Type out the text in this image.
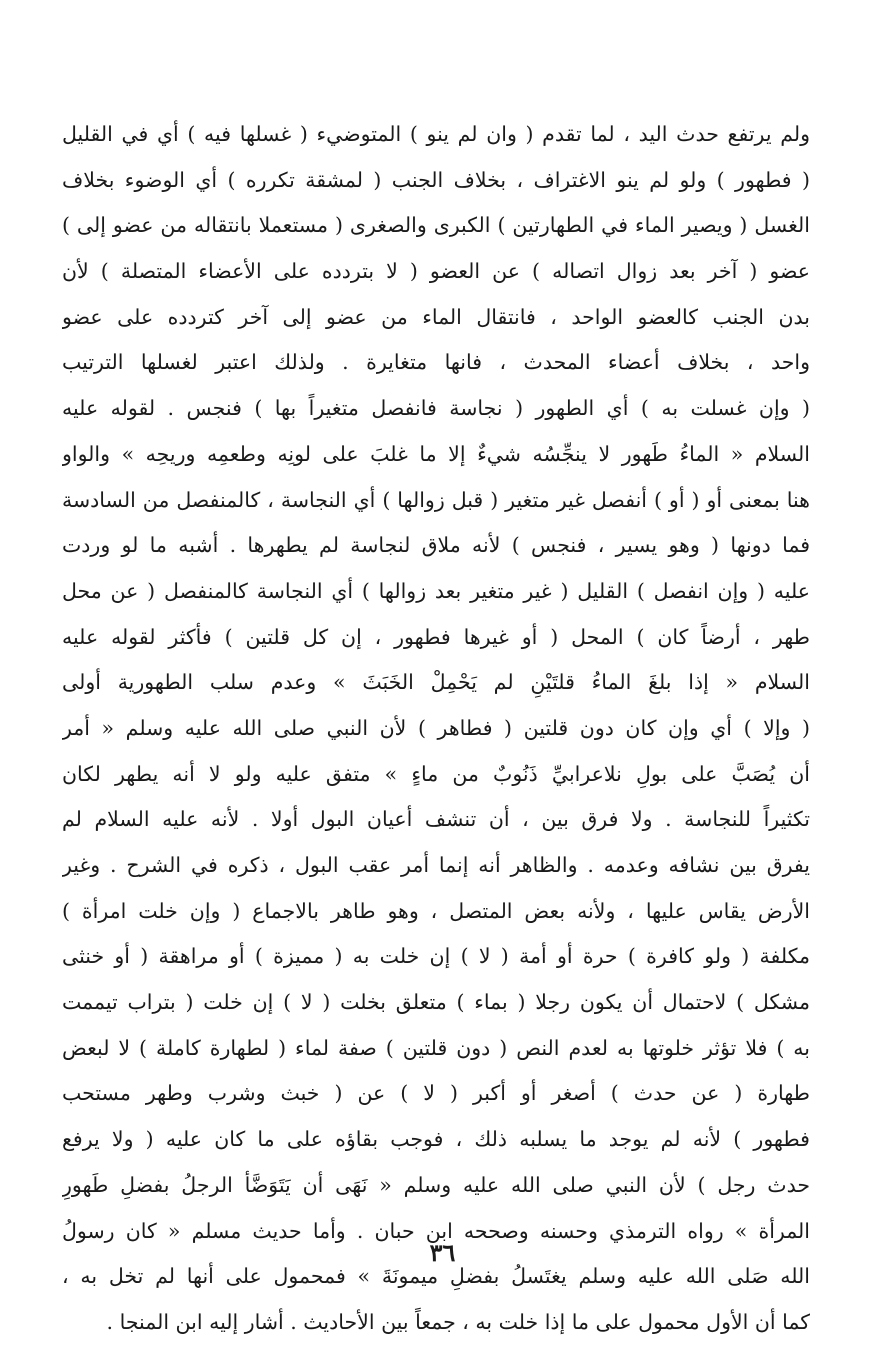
ولم يرتفع حدث اليد ، لما تقدم ( وان لم ينو ) المتوضيء ( غسلها فيه ) أي في القليل
( فطهور ) ولو لم ينو الاغتراف ، بخلاف الجنب ( لمشقة تكرره ) أي الوضوء بخلاف
الغسل ( ويصير الماء في الطهارتين ) الكبرى والصغرى ( مستعملا بانتقاله من عضو إلى )
عضو ( آخر بعد زوال اتصاله ) عن العضو ( لا بتردده على الأعضاء المتصلة ) لأن
بدن الجنب كالعضو الواحد ، فانتقال الماء من عضو إلى آخر كتردده على عضو
واحد ، بخلاف أعضاء المحدث ، فانها متغايرة . ولذلك اعتبر لغسلها الترتيب
( وإن غسلت به ) أي الطهور ( نجاسة فانفصل متغيراً بها ) فنجس . لقوله عليه
السلام « الماءُ طَهور لا ينجِّسُه شيءٌ إلا ما غلبَ على لونِه وطعمِه وريحِه » والواو
هنا بمعنى أو ( أو ) أنفصل غير متغير ( قبل زوالها ) أي النجاسة ، كالمنفصل من السادسة
فما دونها ( وهو يسير ، فنجس ) لأنه ملاق لنجاسة لم يطهرها . أشبه ما لو وردت
عليه ( وإن انفصل ) القليل ( غير متغير بعد زوالها ) أي النجاسة كالمنفصل ( عن محل
طهر ، أرضاً كان ) المحل ( أو غيرها فطهور ، إن كل قلتين ) فأكثر لقوله عليه
السلام « إذا بلغَ الماءُ قلتَيْنِ لم يَحْمِلْ الخَبَثَ » وعدم سلب الطهورية أولى
( وإلا ) أي وإن كان دون قلتين ( فطاهر ) لأن النبي صلى الله عليه وسلم « أمر
أن يُصَبَّ على بولِ نلاعرابيِّ ذَنُوبٌ من ماءٍ » متفق عليه ولو لا أنه يطهر لكان
تكثيراً للنجاسة . ولا فرق بين ، أن تنشف أعيان البول أولا . لأنه عليه السلام لم
يفرق بين نشافه وعدمه . والظاهر أنه إنما أمر عقب البول ، ذكره في الشرح . وغير
الأرض يقاس عليها ، ولأنه بعض المتصل ، وهو طاهر بالاجماع ( وإن خلت امرأة )
مكلفة ( ولو كافرة ) حرة أو أمة ( لا ) إن خلت به ( مميزة ) أو مراهقة ( أو خنثى
مشكل ) لاحتمال أن يكون رجلا ( بماء ) متعلق بخلت ( لا ) إن خلت ( بتراب تيممت
به ) فلا تؤثر خلوتها به لعدم النص ( دون قلتين ) صفة لماء ( لطهارة كاملة ) لا لبعض
طهارة ( عن حدث ) أصغر أو أكبر ( لا ) عن ( خبث وشرب وطهر مستحب
فطهور ) لأنه لم يوجد ما يسلبه ذلك ، فوجب بقاؤه على ما كان عليه ( ولا يرفع
حدث رجل ) لأن النبي صلى الله عليه وسلم « نَهَى أن يَتَوَضَّأ الرجلُ بفضلِ طَهورِ
المرأة » رواه الترمذي وحسنه وصححه ابن حبان . وأما حديث مسلم « كان رسولُ
الله صَلى الله عليه وسلم يغتَسلُ بفضلِ ميمونَةَ » فمحمول على أنها لم تخل به ،
كما أن الأول محمول على ما إذا خلت به ، جمعاً بين الأحاديث . أشار إليه ابن المنجا .
٣٦
